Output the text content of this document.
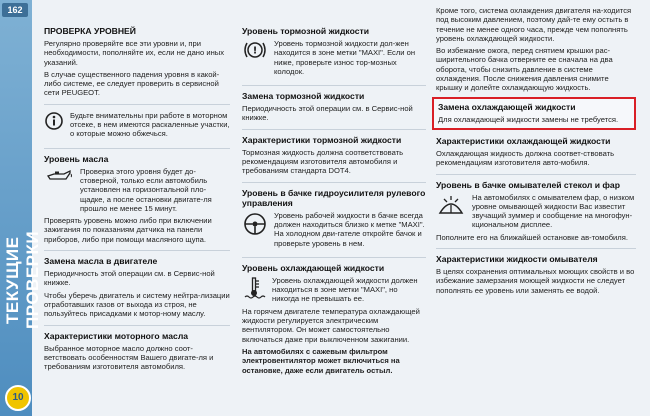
162
ТЕКУЩИЕ ПРОВЕРКИ
10
ПРОВЕРКА УРОВНЕЙ

Регулярно проверяйте все эти уровни и, при необходимости, пополняйте их, если не дано иных указаний.

В случае существенного падения уровня в какой-либо системе, ее следует проверить в сервисной сети PEUGEOT.

Будьте внимательны при работе в моторном отсеке, в нем имеются раскаленные участки, о которые можно обжечься.

Уровень масла

Проверка этого уровня будет до-стоверной, только если автомобиль установлен на горизонтальной пло-щадке, а после остановки двигате-ля прошло не менее 15 минут.

Проверять уровень можно либо при включении зажигания по показаниям датчика на панели приборов, либо при помощи масляного щупа.

Замена масла в двигателе

Периодичность этой операции см. в Сервис-ной книжке.

Чтобы уберечь двигатель и систему нейтра-лизации отработавших газов от выхода из строя, не пользуйтесь присадками к мотор-ному маслу.

Характеристики моторного масла

Выбранное моторное масло должно соот-ветствовать особенностям Вашего двигате-ля и требованиям изготовителя автомобиля.

Уровень тормозной жидкости
!

Уровень тормозной жидкости дол-жен находится в зоне метки "MAXI". Если он ниже, проверьте износ тор-мозных колодок.

Замена тормозной жидкости

Периодичность этой операции см. в Сервис-ной книжке.

Характеристики тормозной жидкости

Тормозная жидкость должна соответствовать рекомендациям изготовителя автомобиля и требованиям стандарта DOT4.

Уровень в бачке гидроусилителя рулевого управления

Уровень рабочей жидкости в бачке всегда должен находиться близко к метке "MAXI". На холодном дви-гателе откройте бачок и проверьте уровень в нем.

Уровень охлаждающей жидкости

Уровень охлаждающей жидкости должен находиться в зоне метки "MAXI", но никогда не превышать ее.

На горячем двигателе температура охлаждающей жидкости регулируется электрическим вентилятором. Он может самостоятельно включаться даже при выключенном зажигании.

На автомобилях с сажевым фильтром электровентилятор может включиться на остановке, даже если двигатель остыл.

Кроме того, система охлаждения двигателя на-ходится под высоким давлением, поэтому дай-те ему остыть в течение не менее одного часа, прежде чем пополнять уровень охлаждающей жидкости.

Во избежание ожога, перед снятием крышки рас-ширительного бачка отверните ее сначала на два оборота, чтобы снизить давление в системе охлаждения. После снижения давления снимите крышку и долейте охлаждающую жидкость.

Замена охлаждающей жидкости

Для охлаждающей жидкости замены не требуется.

Характеристики охлаждающей жидкости

Охлаждающая жидкость должна соответ-ствовать рекомендациям изготовителя авто-мобиля.

Уровень в бачке омывателей стекол и фар

На автомобилях с омывателем фар, о низком уровне омывающей жидкости Вас известит звучащий зуммер и сообщение на многофун-кциональном дисплее.

Пополните его на ближайшей остановке ав-томобиля.

Характеристики жидкости омывателя

В целях сохранения оптимальных моющих свойств и во избежание замерзания моющей жидкости не следует пополнять ее уровень или заменять ее водой.
